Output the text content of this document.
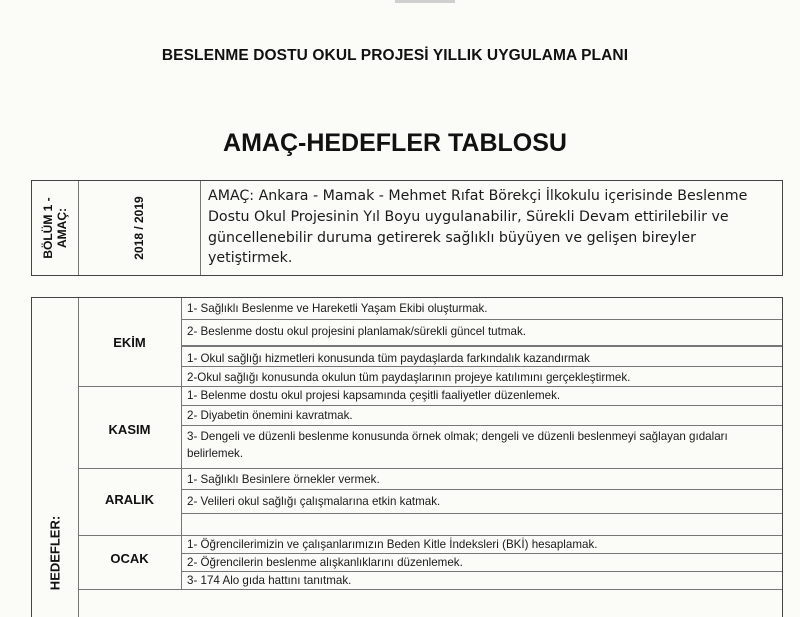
BESLENME DOSTU OKUL PROJESİ YILLIK UYGULAMA PLANI
AMAÇ-HEDEFLER TABLOSU
BÖLÜM 1 - AMAÇ:	2018 / 2019
AMAÇ: Ankara - Mamak - Mehmet Rıfat Börekçi İlkokulu içerisinde Beslenme Dostu Okul Projesinin Yıl Boyu uygulanabilir, Sürekli Devam ettirilebilir ve güncellenebilir duruma getirerek sağlıklı büyüyen ve gelişen bireyler yetiştirmek.
HEDEFLER:
EKİM
1- Sağlıklı Beslenme ve Hareketli Yaşam Ekibi oluşturmak.
2- Beslenme dostu okul projesini planlamak/sürekli güncel tutmak.
1- Okul sağlığı hizmetleri konusunda tüm paydaşlarda farkındalık kazandırmak
2-Okul sağlığı konusunda okulun tüm paydaşlarının projeye katılımını gerçekleştirmek.
KASIM
1- Belenme dostu okul projesi kapsamında çeşitli faaliyetler düzenlemek.
2- Diyabetin önemini kavratmak.
3- Dengeli ve düzenli beslenme konusunda örnek olmak; dengeli ve düzenli beslenmeyi sağlayan gıdaları belirlemek.
ARALIK
1- Sağlıklı Besinlere örnekler vermek.
2- Velileri okul sağlığı çalışmalarına etkin katmak.
OCAK
1- Öğrencilerimizin ve çalışanlarımızın Beden Kitle İndeksleri (BKİ) hesaplamak.
2- Öğrencilerin beslenme alışkanlıklarını düzenlemek.
3- 174 Alo gıda hattını tanıtmak.
